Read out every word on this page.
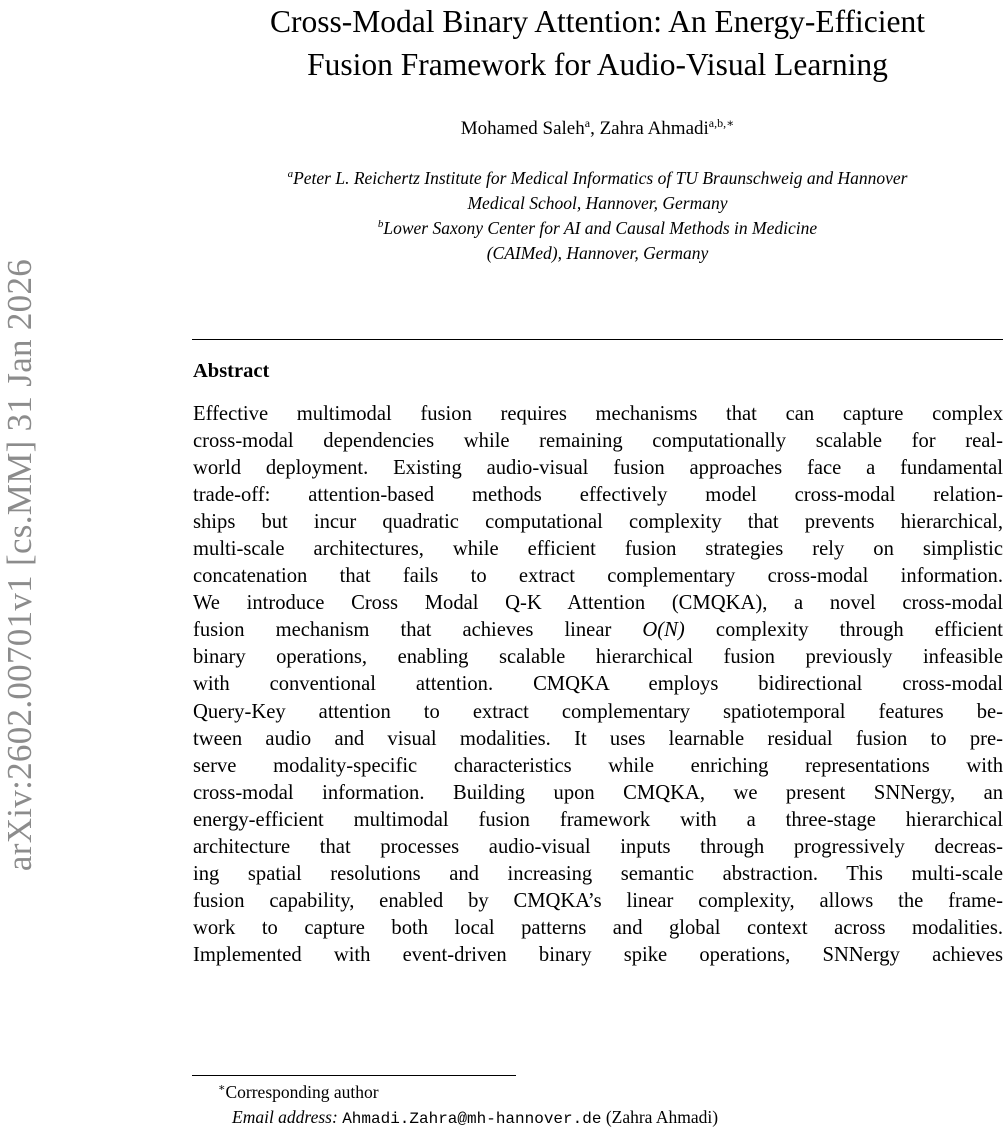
arXiv:2602.00701v1 [cs.MM] 31 Jan 2026
Cross-Modal Binary Attention: An Energy-Efficient
Fusion Framework for Audio-Visual Learning
Mohamed Saleh$^a$, Zahra Ahmadi$^{a,b,∗}$
$^a$Peter L. Reichertz Institute for Medical Informatics of TU Braunschweig and Hannover
Medical School, Hannover, Germany
$^b$Lower Saxony Center for AI and Causal Methods in Medicine
(CAIMed), Hannover, Germany
Abstract
Effective multimodal fusion requires mechanisms that can capture complex
cross-modal dependencies while remaining computationally scalable for real-
world deployment. Existing audio-visual fusion approaches face a fundamental
trade-off: attention-based methods effectively model cross-modal relation-
ships but incur quadratic computational complexity that prevents hierarchical,
multi-scale architectures, while efficient fusion strategies rely on simplistic
concatenation that fails to extract complementary cross-modal information.
We introduce Cross Modal Q-K Attention (CMQKA), a novel cross-modal
fusion mechanism that achieves linear O(N) complexity through efficient
binary operations, enabling scalable hierarchical fusion previously infeasible
with conventional attention. CMQKA employs bidirectional cross-modal
Query-Key attention to extract complementary spatiotemporal features be-
tween audio and visual modalities. It uses learnable residual fusion to pre-
serve modality-specific characteristics while enriching representations with
cross-modal information. Building upon CMQKA, we present SNNergy, an
energy-efficient multimodal fusion framework with a three-stage hierarchical
architecture that processes audio-visual inputs through progressively decreas-
ing spatial resolutions and increasing semantic abstraction. This multi-scale
fusion capability, enabled by CMQKA’s linear complexity, allows the frame-
work to capture both local patterns and global context across modalities.
Implemented with event-driven binary spike operations, SNNergy achieves
∗Corresponding author
Email address: Ahmadi.Zahra@mh-hannover.de (Zahra Ahmadi)
